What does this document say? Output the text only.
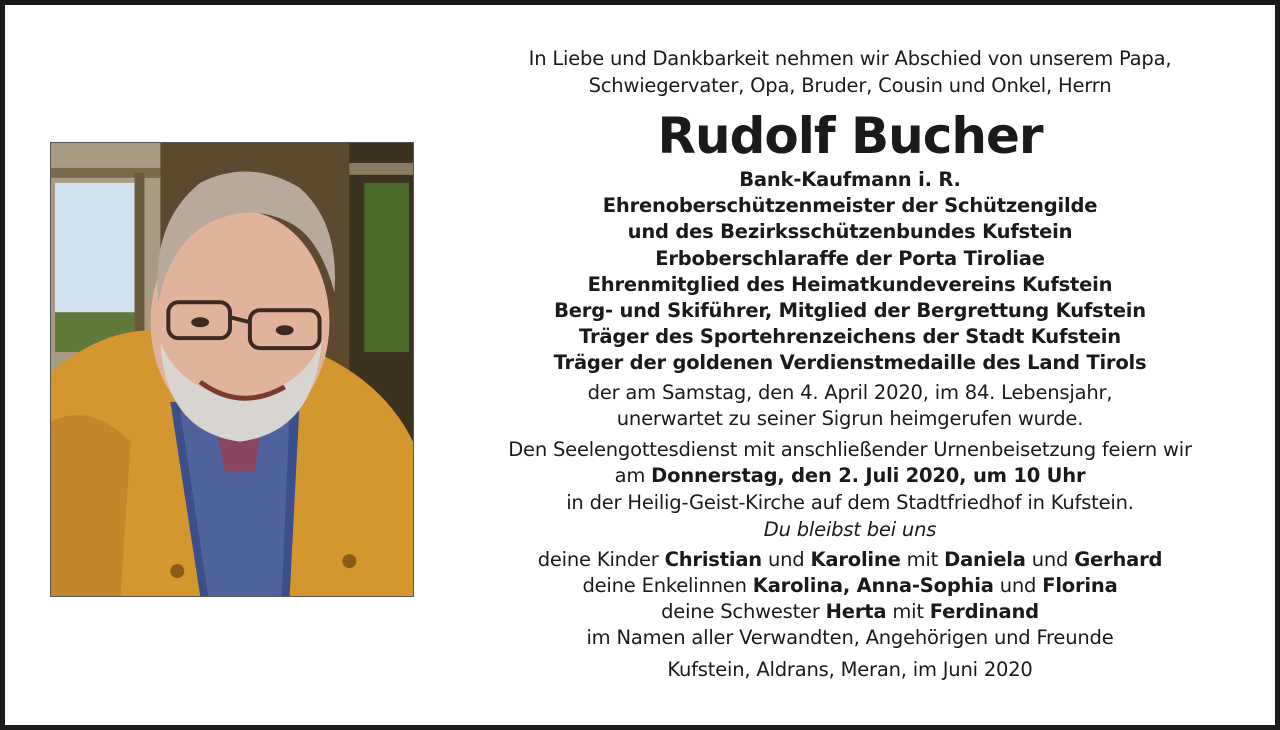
In Liebe und Dankbarkeit nehmen wir Abschied von unserem Papa,
Schwiegervater, Opa, Bruder, Cousin und Onkel, Herrn
Rudolf Bucher
Bank-Kaufmann i. R.
Ehrenoberschützenmeister der Schützengilde
und des Bezirksschützenbundes Kufstein
Erboberschlaraffe der Porta Tiroliae
Ehrenmitglied des Heimatkundevereins Kufstein
Berg- und Skiführer, Mitglied der Bergrettung Kufstein
Träger des Sportehrenzeichens der Stadt Kufstein
Träger der goldenen Verdienstmedaille des Land Tirols
der am Samstag, den 4. April 2020, im 84. Lebensjahr,
unerwartet zu seiner Sigrun heimgerufen wurde.
Den Seelengottesdienst mit anschließender Urnenbeisetzung feiern wir
am Donnerstag, den 2. Juli 2020, um 10 Uhr
in der Heilig-Geist-Kirche auf dem Stadtfriedhof in Kufstein.
Du bleibst bei uns
deine Kinder Christian und Karoline mit Daniela und Gerhard
deine Enkelinnen Karolina, Anna-Sophia und Florina
deine Schwester Herta mit Ferdinand
im Namen aller Verwandten, Angehörigen und Freunde
Kufstein, Aldrans, Meran, im Juni 2020
